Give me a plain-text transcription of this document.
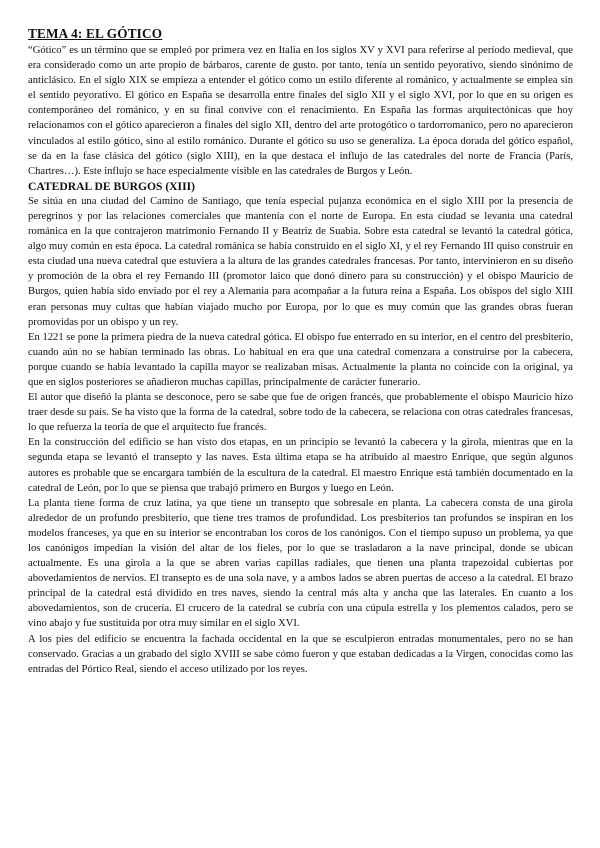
TEMA 4: EL GÓTICO

“Gótico” es un término que se empleó por primera vez en Italia en los siglos XV y XVI para referirse al período medieval, que era considerado como un arte propio de bárbaros, carente de gusto. por tanto, tenía un sentido peyorativo, siendo sinónimo de anticlásico. En el siglo XIX se empieza a entender el gótico como un estilo diferente al románico, y actualmente se emplea sin el sentido peyorativo. El gótico en España se desarrolla entre finales del siglo XII y el siglo XVI, por lo que en su origen es contemporáneo del románico, y en su final convive con el renacimiento. En España las formas arquitectónicas que hoy relacionamos con el gótico aparecieron a finales del siglo XII, dentro del arte protogótico o tardorromanico, pero no aparecieron vinculados al estilo gótico, sino al estilo románico. Durante el gótico su uso se generaliza. La época dorada del gótico español, se da en la fase clásica del gótico (siglo XIII), en la que destaca el influjo de las catedrales del norte de Francia (París, Chartres…). Este influjo se hace especialmente visible en las catedrales de Burgos y León.

CATEDRAL DE BURGOS (XIII)

Se sitúa en una ciudad del Camino de Santiago, que tenía especial pujanza económica en el siglo XIII por la presencia de peregrinos y por las relaciones comerciales que mantenía con el norte de Europa. En esta ciudad se levanta una catedral románica en la que contrajeron matrimonio Fernando II y Beatriz de Suabia. Sobre esta catedral se levantó la catedral gótica, algo muy común en esta época. La catedral románica se había construido en el siglo XI, y el rey Fernando III quiso construir en esta ciudad una nueva catedral que estuviera a la altura de las grandes catedrales francesas. Por tanto, intervinieron en su diseño y promoción de la obra el rey Fernando III (promotor laico que donó dinero para su construcción) y el obispo Mauricio de Burgos, quien había sido enviado por el rey a Alemania para acompañar a la futura reina a España. Los obispos del siglo XIII eran personas muy cultas que habían viajado mucho por Europa, por lo que es muy común que las grandes obras fueran promovidas por un obispo y un rey.

En 1221 se pone la primera piedra de la nueva catedral gótica. El obispo fue enterrado en su interior, en el centro del presbiterio, cuando aún no se habían terminado las obras. Lo habitual en era que una catedral comenzara a construirse por la cabecera, porque cuando se había levantado la capilla mayor se realizaban misas. Actualmente la planta no coincide con la original, ya que en siglos posteriores se añadieron muchas capillas, principalmente de carácter funerario.

El autor que diseñó la planta se desconoce, pero se sabe que fue de origen francés, que probablemente el obispo Mauricio hizo traer desde su país. Se ha visto que la forma de la catedral, sobre todo de la cabecera, se relaciona con otras catedrales francesas, lo que refuerza la teoría de que el arquitecto fue francés.

En la construcción del edificio se han visto dos etapas, en un principio se levantó la cabecera y la girola, mientras que en la segunda etapa se levantó el transepto y las naves. Esta última etapa se ha atribuido al maestro Enrique, que según algunos autores es probable que se encargara también de la escultura de la catedral. El maestro Enrique está también documentado en la catedral de León, por lo que se piensa que trabajó primero en Burgos y luego en León.

La planta tiene forma de cruz latina, ya que tiene un transepto que sobresale en planta. La cabecera consta de una girola alrededor de un profundo presbiterio, que tiene tres tramos de profundidad. Los presbiterios tan profundos se inspiran en los modelos franceses, ya que en su interior se encontraban los coros de los canónigos. Con el tiempo supuso un problema, ya que los canónigos impedían la visión del altar de los fieles, por lo que se trasladaron a la nave principal, donde se ubican actualmente. Es una girola a la que se abren varias capillas radiales, que tienen una planta trapezoidal cubiertas por abovedamientos de nervios. El transepto es de una sola nave, y a ambos lados se abren puertas de acceso a la catedral. El brazo principal de la catedral está dividido en tres naves, siendo la central más alta y ancha que las laterales. En cuanto a los abovedamientos, son de crucería. El crucero de la catedral se cubría con una cúpula estrella y los plementos calados, pero se vino abajo y fue sustituida por otra muy similar en el siglo XVI.

A los pies del edificio se encuentra la fachada occidental en la que se esculpieron entradas monumentales, pero no se han conservado. Gracias a un grabado del siglo XVIII se sabe cómo fueron y que estaban dedicadas a la Virgen, conocidas como las entradas del Pórtico Real, siendo el acceso utilizado por los reyes.
